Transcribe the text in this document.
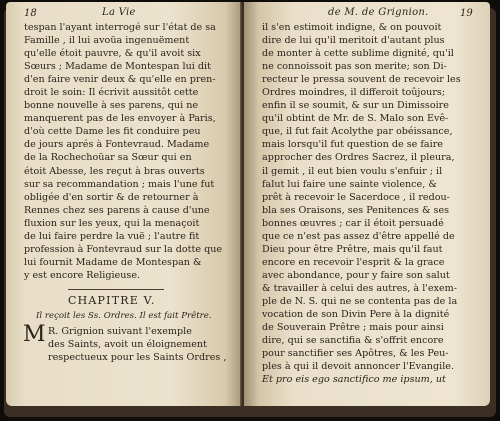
18	La Vie
tespan l'ayant interrogé sur l'état de sa
Famille , il lui avoüa ingenuëment
qu'elle étoit pauvre, & qu'il avoit six
Sœurs ; Madame de Montespan lui dit
d'en faire venir deux & qu'elle en pren-
droit le soin: Il écrivit aussitôt cette
bonne nouvelle à ses parens, qui ne
manquerent pas de les envoyer à Paris,
d'où cette Dame les fit conduire peu
de jours aprés à Fontevraud. Madame
de la Rochechoüar sa Sœur qui en
étoit Abesse, les reçut à bras ouverts
sur sa recommandation ; mais l'une fut
obligée d'en sortir & de retourner à
Rennes chez ses parens à cause d'une
fluxion sur les yeux, qui la menaçoit
de lui faire perdre la vuë ; l'autre fit
profession à Fontevraud sur la dotte que
lui fournit Madame de Montespan &
y est encore Religieuse.
CHAPITRE V.
Il reçoit les Ss. Ordres. Il est fait Prêtre.
M R. Grignion suivant l'exemple
des Saints, avoit un éloignement
respectueux pour les Saints Ordres ,
de M. de Grignion.	19
il s'en estimoit indigne, & on pouvoit
dire de lui qu'il meritoit d'autant plus
de monter à cette sublime dignité, qu'il
ne connoissoit pas son merite; son Di-
recteur le pressa souvent de recevoir les
Ordres moindres, il differoit toûjours;
enfin il se soumit, & sur un Dimissoire
qu'il obtint de Mr. de S. Malo son Evê-
que, il fut fait Acolythe par obéissance,
mais lorsqu'il fut question de se faire
approcher des Ordres Sacrez, il pleura,
il gemit , il eut bien voulu s'enfuir ; il
falut lui faire une sainte violence, &
prêt à recevoir le Sacerdoce , il redou-
bla ses Oraisons, ses Penitences & ses
bonnes œuvres ; car il étoit persuadé
que ce n'est pas assez d'être appellé de
Dieu pour être Prêtre, mais qu'il faut
encore en recevoir l'esprit & la grace
avec abondance, pour y faire son salut
& travailler à celui des autres, à l'exem-
ple de N. S. qui ne se contenta pas de la
vocation de son Divin Pere à la dignité
de Souverain Prêtre ; mais pour ainsi
dire, qui se sanctifia & s'offrit encore
pour sanctifier ses Apôtres, & les Peu-
ples à qui il devoit annoncer l'Evangile.
Et pro eis ego sanctifico me ipsum, ut
